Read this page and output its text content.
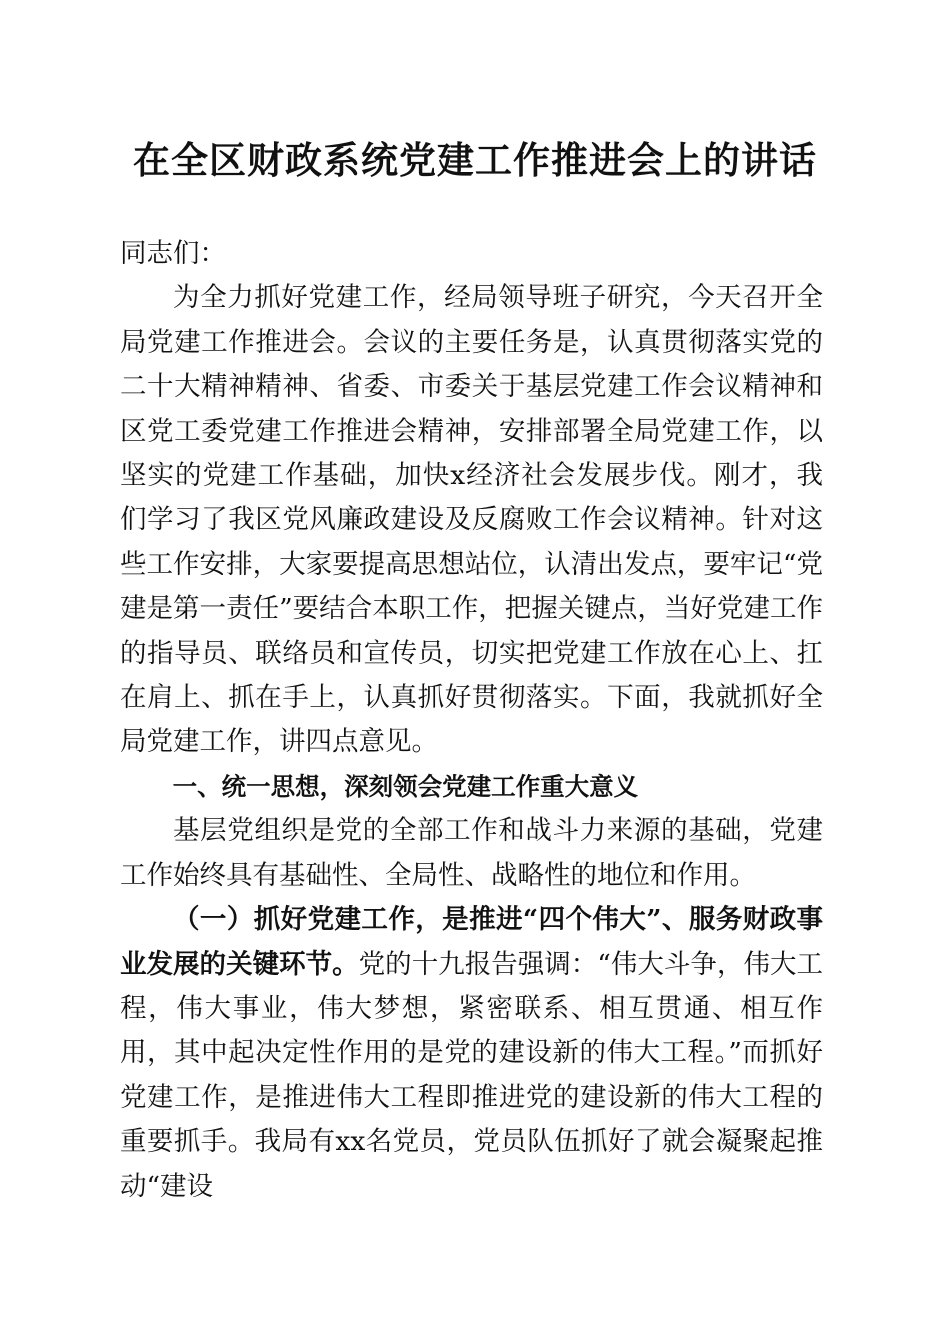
在全区财政系统党建工作推进会上的讲话

同志们：

为全力抓好党建工作，经局领导班子研究，今天召开全局党建工作推进会。会议的主要任务是，认真贯彻落实党的二十大精神精神、省委、市委关于基层党建工作会议精神和区党工委党建工作推进会精神，安排部署全局党建工作，以坚实的党建工作基础，加快x经济社会发展步伐。刚才，我们学习了我区党风廉政建设及反腐败工作会议精神。针对这些工作安排，大家要提高思想站位，认清出发点，要牢记“党建是第一责任”要结合本职工作，把握关键点，当好党建工作的指导员、联络员和宣传员，切实把党建工作放在心上、扛在肩上、抓在手上，认真抓好贯彻落实。下面，我就抓好全局党建工作，讲四点意见。

一、统一思想，深刻领会党建工作重大意义

基层党组织是党的全部工作和战斗力来源的基础，党建工作始终具有基础性、全局性、战略性的地位和作用。

（一）抓好党建工作，是推进“四个伟大”、服务财政事业发展的关键环节。党的十九报告强调：“伟大斗争，伟大工程，伟大事业，伟大梦想，紧密联系、相互贯通、相互作用，其中起决定性作用的是党的建设新的伟大工程。”而抓好党建工作，是推进伟大工程即推进党的建设新的伟大工程的重要抓手。我局有xx名党员，党员队伍抓好了就会凝聚起推动“建设
